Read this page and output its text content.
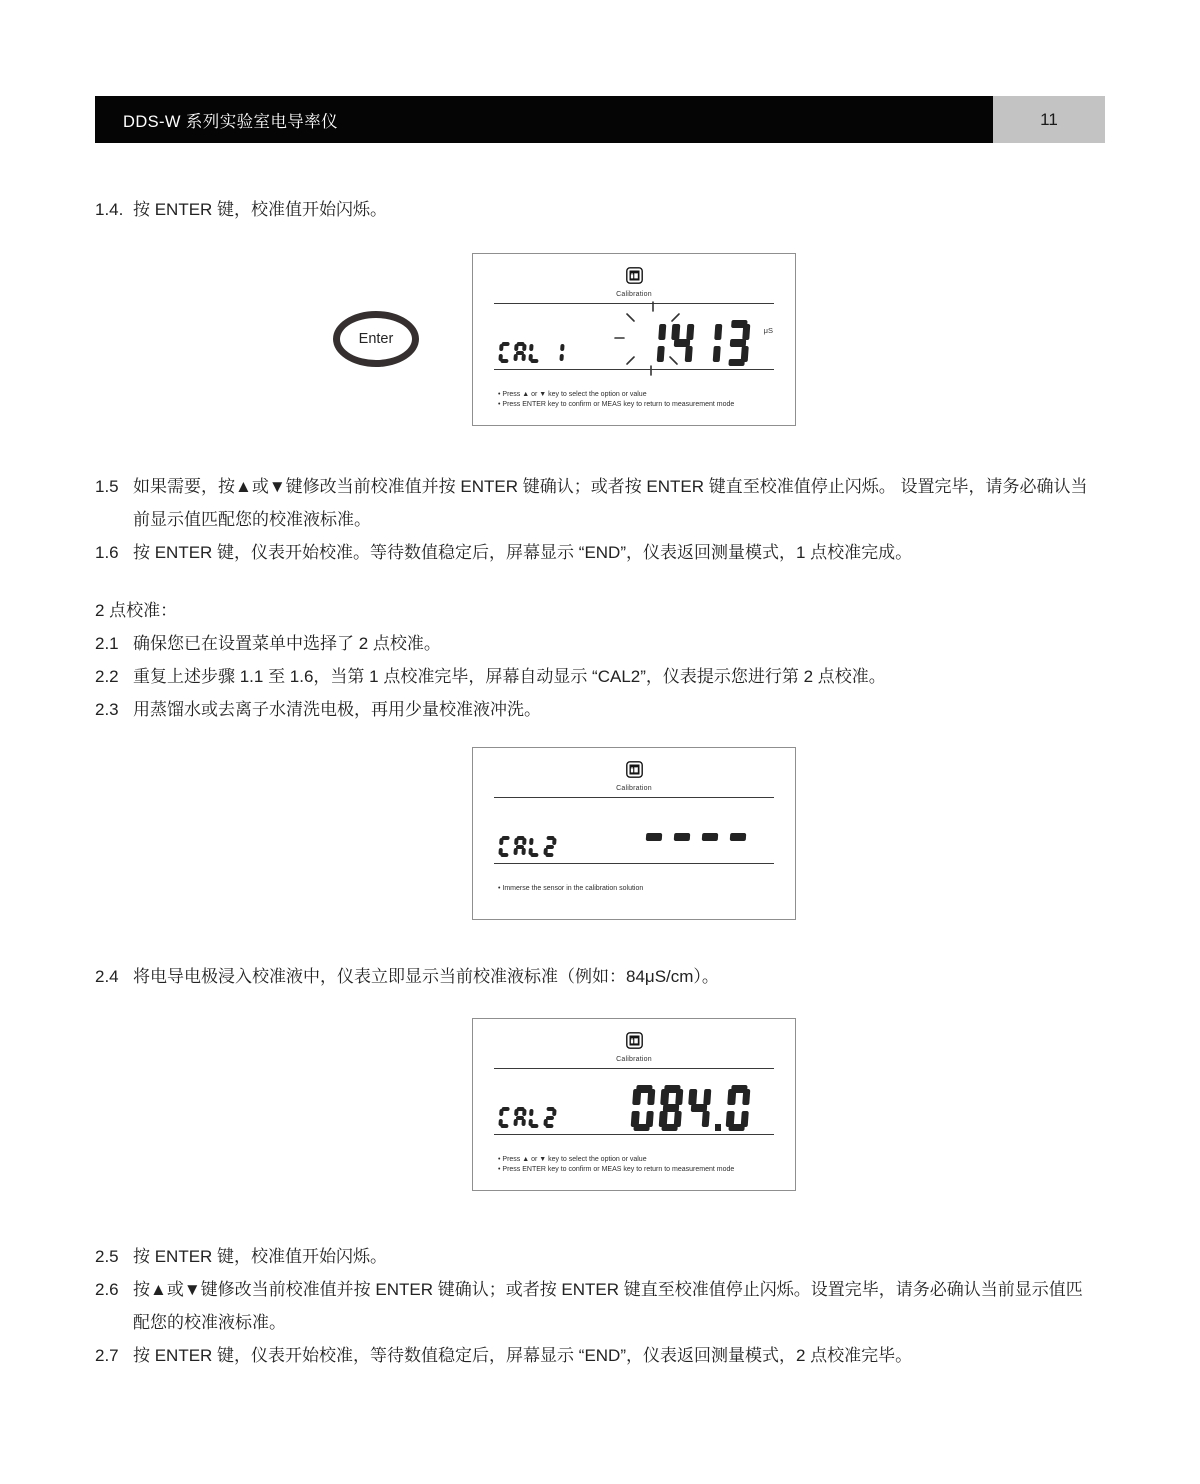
DDS-W 系列实验室电导率仪	11
1.4. 按 ENTER 键，校准值开始闪烁。
1.5 如果需要，按▲或▼键修改当前校准值并按 ENTER 键确认；或者按 ENTER 键直至校准值停止闪烁。 设置完毕，请务必确认当前显示值匹配您的校准液标准。
1.6 按 ENTER 键，仪表开始校准。等待数值稳定后，屏幕显示 “END”，仪表返回测量模式，1 点校准完成。
2 点校准：
2.1 确保您已在设置菜单中选择了 2 点校准。
2.2 重复上述步骤 1.1 至 1.6，当第 1 点校准完毕，屏幕自动显示 “CAL2”，仪表提示您进行第 2 点校准。
2.3 用蒸馏水或去离子水清洗电极，再用少量校准液冲洗。
2.4 将电导电极浸入校准液中，仪表立即显示当前校准液标准（例如：84μS/cm）。
2.5 按 ENTER 键，校准值开始闪烁。
2.6 按▲或▼键修改当前校准值并按 ENTER 键确认；或者按 ENTER 键直至校准值停止闪烁。设置完毕，请务必确认当前显示值匹配您的校准液标准。
2.7 按 ENTER 键，仪表开始校准，等待数值稳定后，屏幕显示 “END”，仪表返回测量模式，2 点校准完毕。
Enter
Calibration
μS
• Press ▲ or ▼ key to select the option or value
• Press ENTER key to confirm or MEAS key to return to measurement mode
Calibration
• Immerse the sensor in the calibration solution
Calibration
• Press ▲ or ▼ key to select the option or value
• Press ENTER key to confirm or MEAS key to return to measurement mode
